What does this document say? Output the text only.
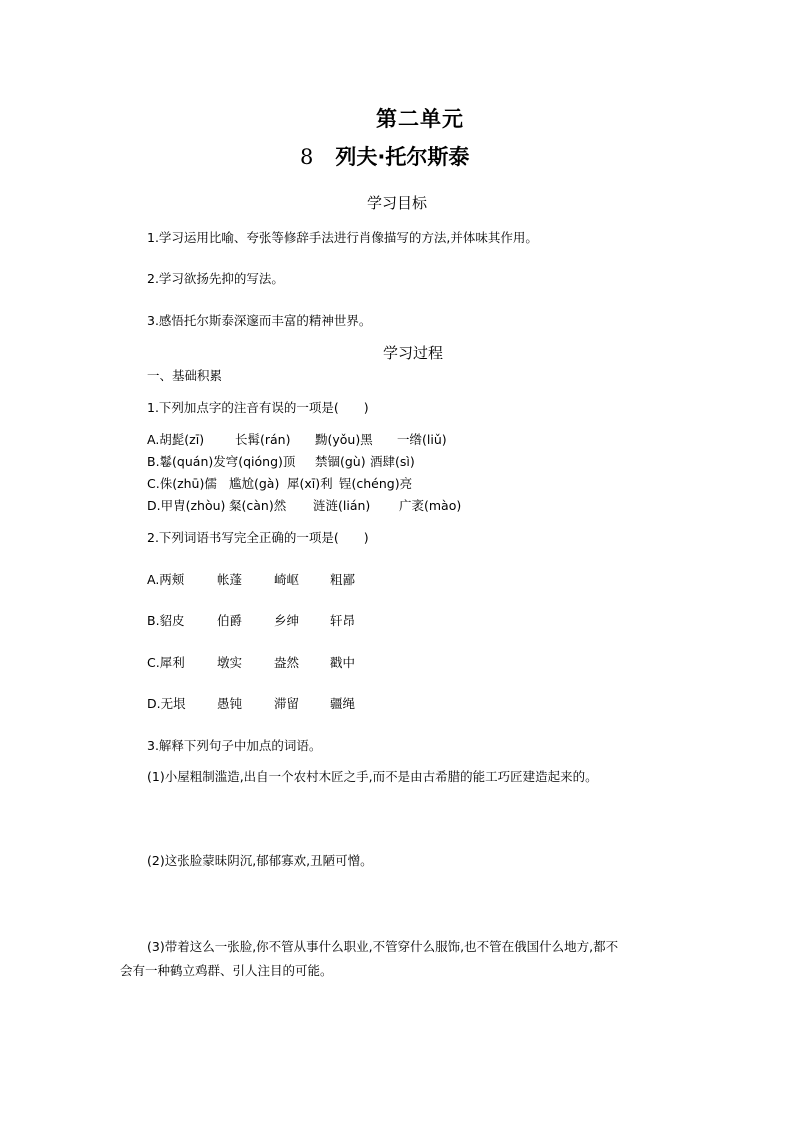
第二单元
8 列夫·托尔斯泰
学习目标
1.学习运用比喻、夸张等修辞手法进行肖像描写的方法,并体味其作用。
2.学习欲扬先抑的写法。
3.感悟托尔斯泰深邃而丰富的精神世界。
学习过程
一、基础积累
1.下列加点字的注音有误的一项是(　　)
A.胡髭(zī) 长髯(rán) 黝(yǒu)黑 一绺(liǔ)
B.鬈(quán)发穹(qióng)顶 禁锢(gù) 酒肆(sì)
C.侏(zhū)儒 尴尬(gà) 犀(xī)利 锃(chéng)亮
D.甲胄(zhòu) 粲(càn)然 涟涟(lián) 广袤(mào)
2.下列词语书写完全正确的一项是(　　)
A.两颊	帐蓬	崎岖 粗鄙
B.貂皮	伯爵	乡绅 轩昂
C.犀利	墩实	盎然 戳中
D.无垠	愚钝	滞留 疆绳
3.解释下列句子中加点的词语。
(1)小屋粗制滥造,出自一个农村木匠之手,而不是由古希腊的能工巧匠建造起来的。
(2)这张脸蒙昧阴沉,郁郁寡欢,丑陋可憎。
(3)带着这么一张脸,你不管从事什么职业,不管穿什么服饰,也不管在俄国什么地方,都不
会有一种鹤立鸡群、引人注目的可能。
